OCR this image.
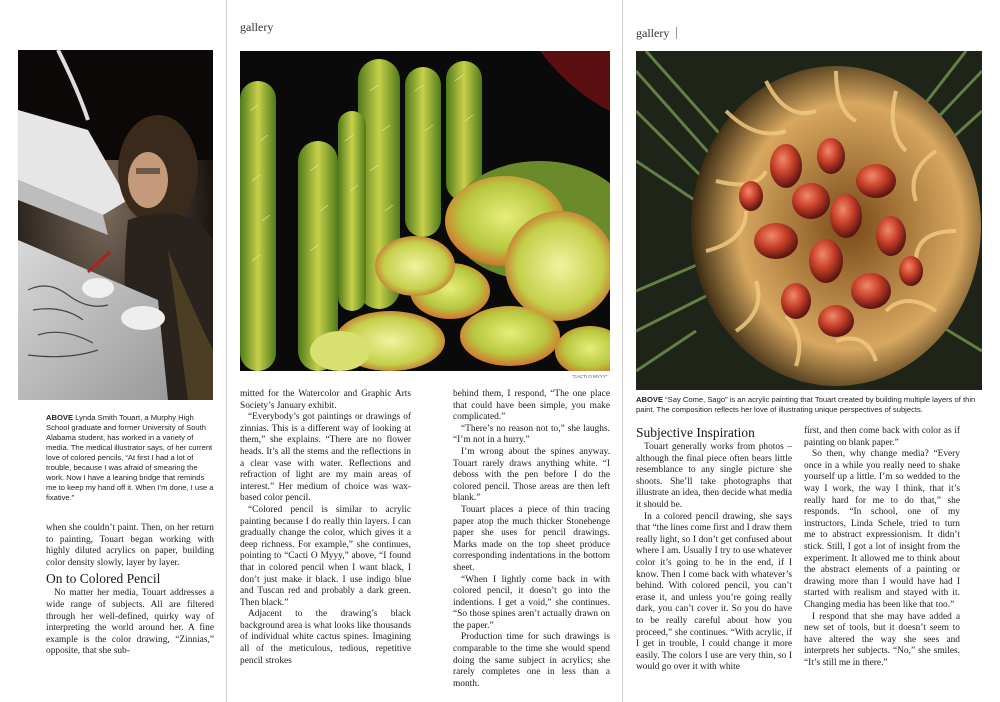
gallery	gallery
ABOVE Lynda Smith Touart, a Murphy High School graduate and former University of South Alabama student, has worked in a variety of media. The medical illustrator says, of her current love of colored pencils, “At first I had a lot of trouble, because I was afraid of smearing the work. Now I have a leaning bridge that reminds me to keep my hand off it. When I’m done, I use a fixative.”
“CACTI O MYYY”
ABOVE “Say Come, Sago” is an acrylic painting that Touart created by building multiple layers of thin paint. The composition reflects her love of illustrating unique perspectives of subjects.

when she couldn’t paint. Then, on her return to painting, Touart began working with highly diluted acrylics on paper, building color density slowly, layer by layer.

On to Colored Pencil

No matter her media, Touart addresses a wide range of subjects. All are filtered through her well-defined, quirky way of interpreting the world around her. A fine example is the color drawing, “Zinnias,” opposite, that she sub-

mitted for the Watercolor and Graphic Arts Society’s January exhibit.

“Everybody’s got paintings or drawings of zinnias. This is a different way of looking at them,” she explains. “There are no flower heads. It’s all the stems and the reflections in a clear vase with water. Reflections and refraction of light are my main areas of interest.” Her medium of choice was wax-based color pencil.

“Colored pencil is similar to acrylic painting because I do really thin layers. I can gradually change the color, which gives it a deep richness. For example,” she continues, pointing to “Cacti O Myyy,” above, “I found that in colored pencil when I want black, I don’t just make it black. I use indigo blue and Tuscan red and probably a dark green. Then black.”

Adjacent to the drawing’s black background area is what looks like thousands of individual white cactus spines. Imagining all of the meticulous, tedious, repetitive pencil strokes

behind them, I respond, “The one place that could have been simple, you make complicated.”

“There’s no reason not to,” she laughs. “I’m not in a hurry.”

I’m wrong about the spines anyway. Touart rarely draws anything white. “I deboss with the pen before I do the colored pencil. Those areas are then left blank.”

Touart places a piece of thin tracing paper atop the much thicker Stonehenge paper she uses for pencil drawings. Marks made on the top sheet produce corresponding indentations in the bottom sheet.

“When I lightly come back in with colored pencil, it doesn’t go into the indentions. I get a void,” she continues. “So those spines aren’t actually drawn on the paper.”

Production time for such drawings is comparable to the time she would spend doing the same subject in acrylics; she rarely completes one in less than a month.

Subjective Inspiration

Touart generally works from photos – although the final piece often bears little resemblance to any single picture she shoots. She’ll take photographs that illustrate an idea, then decide what media it should be.

In a colored pencil drawing, she says that “the lines come first and I draw them really light, so I don’t get confused about where I am. Usually I try to use whatever color it’s going to be in the end, if I know. Then I come back with whatever’s behind. With colored pencil, you can’t erase it, and unless you’re going really dark, you can’t cover it. So you do have to be really careful about how you proceed,” she continues. “With acrylic, if I get in trouble, I could change it more easily. The colors I use are very thin, so I would go over it with white

first, and then come back with color as if painting on blank paper.”

So then, why change media? “Every once in a while you really need to shake yourself up a little. I’m so wedded to the way I work, the way I think, that it’s really hard for me to do that,” she responds. “In school, one of my instructors, Linda Schele, tried to turn me to abstract expressionism. It didn’t stick. Still, I got a lot of insight from the experiment. It allowed me to think about the abstract elements of a painting or drawing more than I would have had I started with realism and stayed with it. Changing media has been like that too.”

I respond that she may have added a new set of tools, but it doesn’t seem to have altered the way she sees and interprets her subjects. “No,” she smiles. “It’s still me in there.”
